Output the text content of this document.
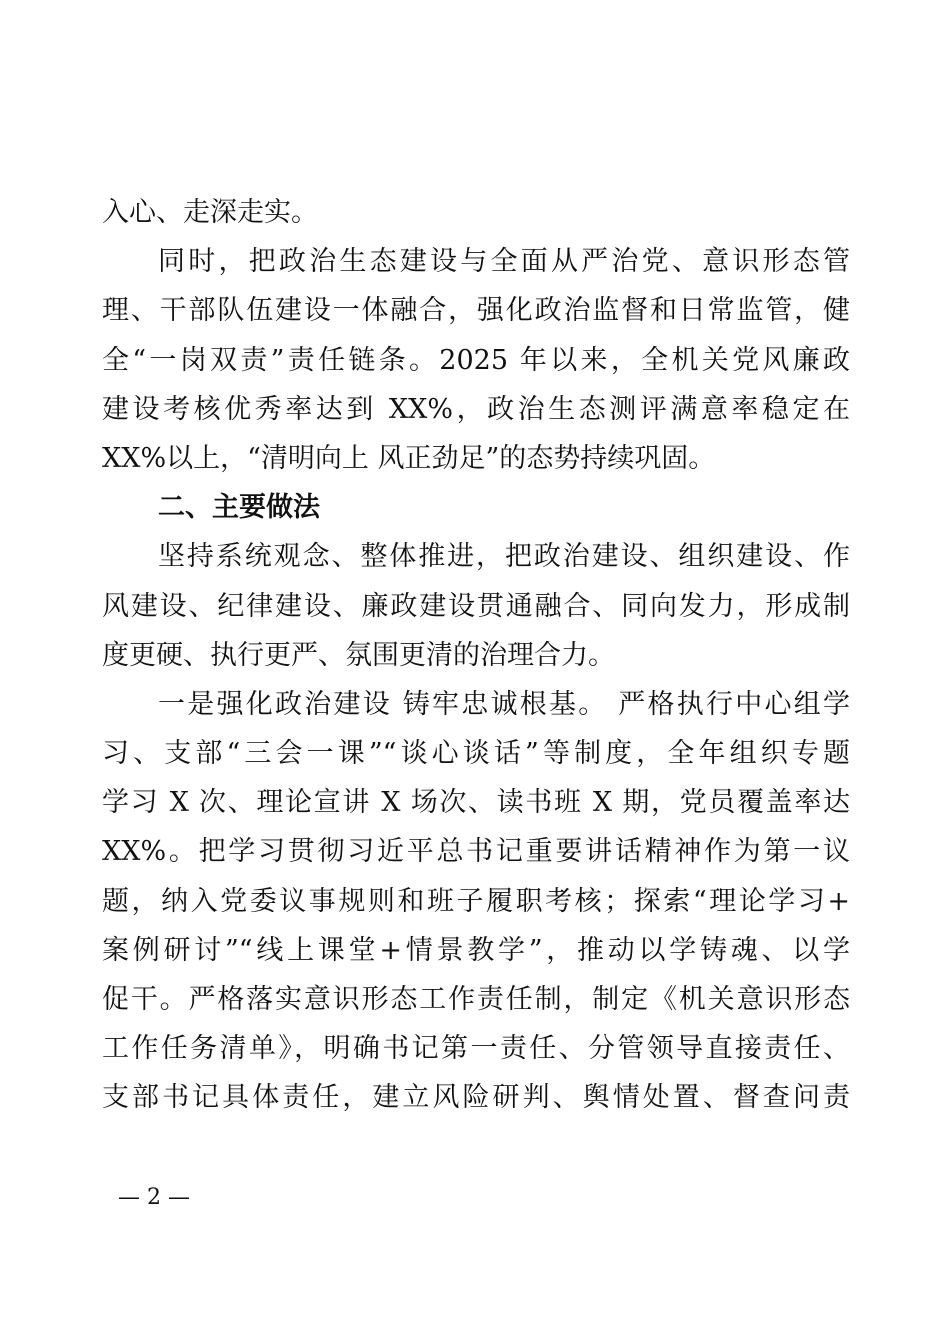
入心、走深走实。
同时，把政治生态建设与全面从严治党、意识形态管
理、干部队伍建设一体融合，强化政治监督和日常监管，健
全“一岗双责”责任链条。2025 年以来，全机关党风廉政
建设考核优秀率达到 XX%，政治生态测评满意率稳定在
XX%以上，“清明向上 风正劲足”的态势持续巩固。
二、主要做法
坚持系统观念、整体推进，把政治建设、组织建设、作
风建设、纪律建设、廉政建设贯通融合、同向发力，形成制
度更硬、执行更严、氛围更清的治理合力。
一是强化政治建设 铸牢忠诚根基。 严格执行中心组学
习、支部“三会一课”“谈心谈话”等制度，全年组织专题
学习 X 次、理论宣讲 X 场次、读书班 X 期，党员覆盖率达
XX%。把学习贯彻习近平总书记重要讲话精神作为第一议
题，纳入党委议事规则和班子履职考核；探索“理论学习+
案例研讨”“线上课堂+情景教学”，推动以学铸魂、以学
促干。严格落实意识形态工作责任制，制定《机关意识形态
工作任务清单》，明确书记第一责任、分管领导直接责任、
支部书记具体责任，建立风险研判、舆情处置、督查问责
— 2 —
